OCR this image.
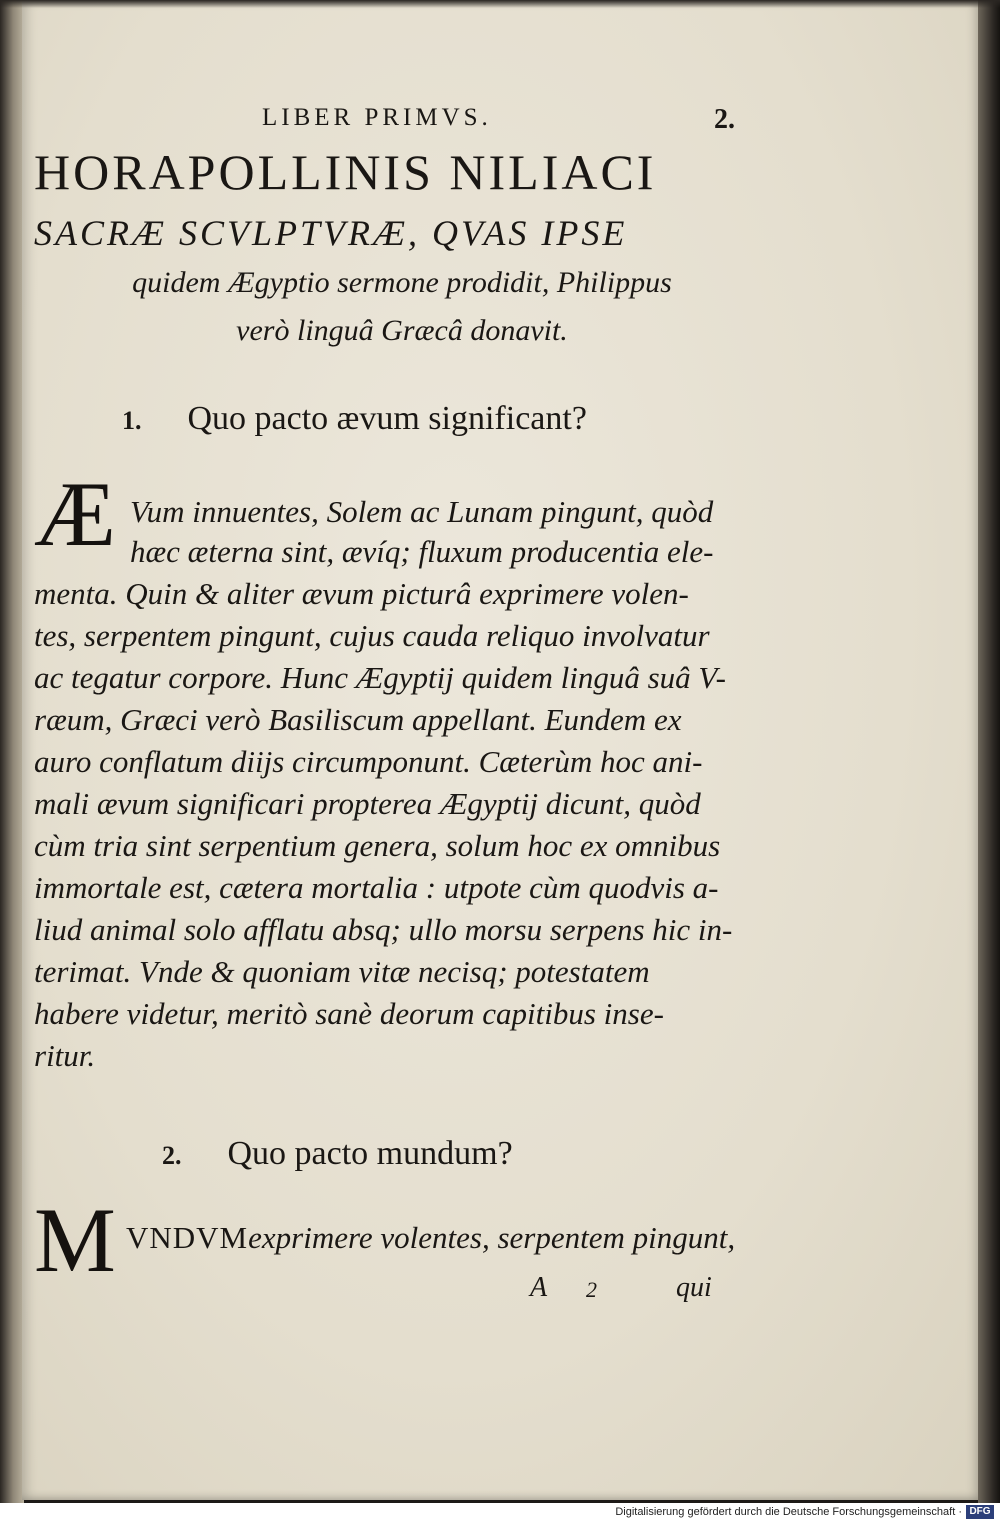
LIBER PRIMVS.	2.
HORAPOLLINIS NILIACI
SACRÆ SCVLPTVRÆ, QVAS IPSE
quidem Ægyptio sermone prodidit, Philippus
verò linguâ Græcâ donavit.
1. Quo pacto ævum significant?
Æ Vum innuentes, Solem ac Lunam pingunt, quòd
hæc æterna sint, ævíq; fluxum producentia ele-
menta. Quin & aliter ævum picturâ exprimere volen-
tes, serpentem pingunt, cujus cauda reliquo involvatur
ac tegatur corpore. Hunc Ægyptij quidem linguâ suâ V-
ræum, Græci verò Basiliscum appellant. Eundem ex
auro conflatum diijs circumponunt. Cæterùm hoc ani-
mali ævum significari propterea Ægyptij dicunt, quòd
cùm tria sint serpentium genera, solum hoc ex omnibus
immortale est, cætera mortalia : utpote cùm quodvis a-
liud animal solo afflatu absq; ullo morsu serpens hic in-
terimat. Vnde & quoniam vitæ necisq; potestatem
habere videtur, meritò sanè deorum capitibus inse-
ritur.
2. Quo pacto mundum?
M VNDVMexprimere volentes, serpentem pingunt,
A 2	qui
Digitalisierung gefördert durch die Deutsche Forschungsgemeinschaft · DFG
